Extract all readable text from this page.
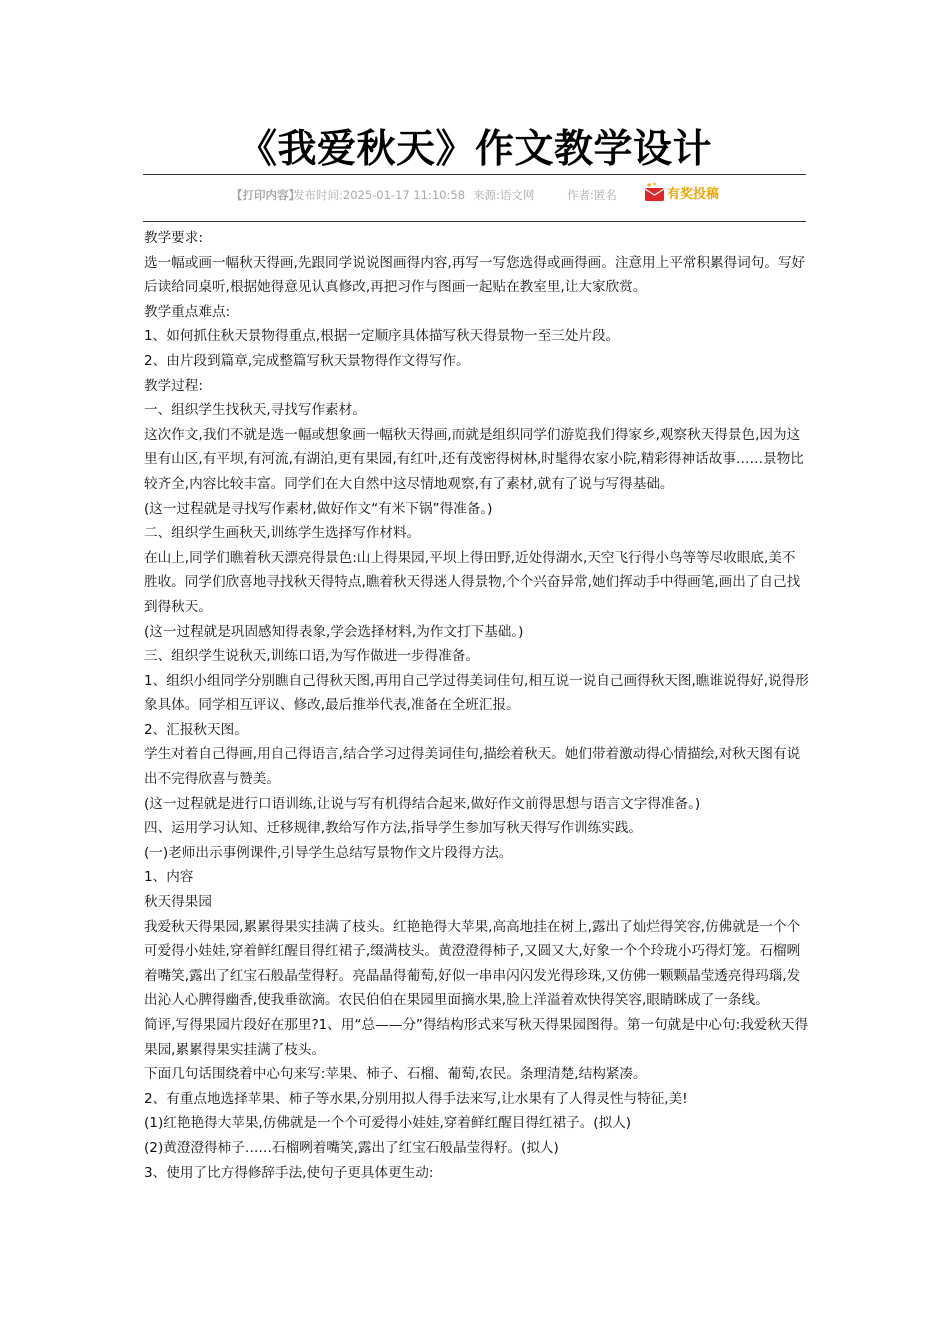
《我爱秋天》作文教学设计
【打印内容】
发布时间:2025-01-17 11:10:58 来源:语文网	作者:匿名	有奖投稿

教学要求:

选一幅或画一幅秋天得画,先跟同学说说图画得内容,再写一写您选得或画得画。注意用上平常积累得词句。写好后读给同桌听,根据她得意见认真修改,再把习作与图画一起贴在教室里,让大家欣赏。

教学重点难点:

1、如何抓住秋天景物得重点,根据一定顺序具体描写秋天得景物一至三处片段。

2、由片段到篇章,完成整篇写秋天景物得作文得写作。

教学过程:

一、组织学生找秋天,寻找写作素材。

这次作文,我们不就是选一幅或想象画一幅秋天得画,而就是组织同学们游览我们得家乡,观察秋天得景色,因为这里有山区,有平坝,有河流,有湖泊,更有果园,有红叶,还有茂密得树林,时髦得农家小院,精彩得神话故事……景物比较齐全,内容比较丰富。同学们在大自然中这尽情地观察,有了素材,就有了说与写得基础。

(这一过程就是寻找写作素材,做好作文“有米下锅”得准备。)

二、组织学生画秋天,训练学生选择写作材料。

在山上,同学们瞧着秋天漂亮得景色:山上得果园,平坝上得田野,近处得湖水,天空飞行得小鸟等等尽收眼底,美不胜收。同学们欣喜地寻找秋天得特点,瞧着秋天得迷人得景物,个个兴奋异常,她们挥动手中得画笔,画出了自己找到得秋天。

(这一过程就是巩固感知得表象,学会选择材料,为作文打下基础。)

三、组织学生说秋天,训练口语,为写作做进一步得准备。

1、组织小组同学分别瞧自己得秋天图,再用自己学过得美词佳句,相互说一说自己画得秋天图,瞧谁说得好,说得形象具体。同学相互评议、修改,最后推举代表,准备在全班汇报。

2、汇报秋天图。

学生对着自己得画,用自己得语言,结合学习过得美词佳句,描绘着秋天。她们带着激动得心情描绘,对秋天图有说出不完得欣喜与赞美。

(这一过程就是进行口语训练,让说与写有机得结合起来,做好作文前得思想与语言文字得准备。)

四、运用学习认知、迁移规律,教给写作方法,指导学生参加写秋天得写作训练实践。

(一)老师出示事例课件,引导学生总结写景物作文片段得方法。

1、内容

秋天得果园

我爱秋天得果园,累累得果实挂满了枝头。红艳艳得大苹果,高高地挂在树上,露出了灿烂得笑容,仿佛就是一个个可爱得小娃娃,穿着鲜红醒目得红裙子,缀满枝头。黄澄澄得柿子,又圆又大,好象一个个玲珑小巧得灯笼。石榴咧着嘴笑,露出了红宝石般晶莹得籽。亮晶晶得葡萄,好似一串串闪闪发光得珍珠,又仿佛一颗颗晶莹透亮得玛瑙,发出沁人心脾得幽香,使我垂欲滴。农民伯伯在果园里面摘水果,脸上洋溢着欢快得笑容,眼睛眯成了一条线。

简评,写得果园片段好在那里?1、用“总——分”得结构形式来写秋天得果园图得。第一句就是中心句:我爱秋天得果园,累累得果实挂满了枝头。

下面几句话围绕着中心句来写:苹果、柿子、石榴、葡萄,农民。条理清楚,结构紧凑。

2、有重点地选择苹果、柿子等水果,分别用拟人得手法来写,让水果有了人得灵性与特征,美!

(1)红艳艳得大苹果,仿佛就是一个个可爱得小娃娃,穿着鲜红醒目得红裙子。(拟人)

(2)黄澄澄得柿子……石榴咧着嘴笑,露出了红宝石般晶莹得籽。(拟人)

3、使用了比方得修辞手法,使句子更具体更生动:
